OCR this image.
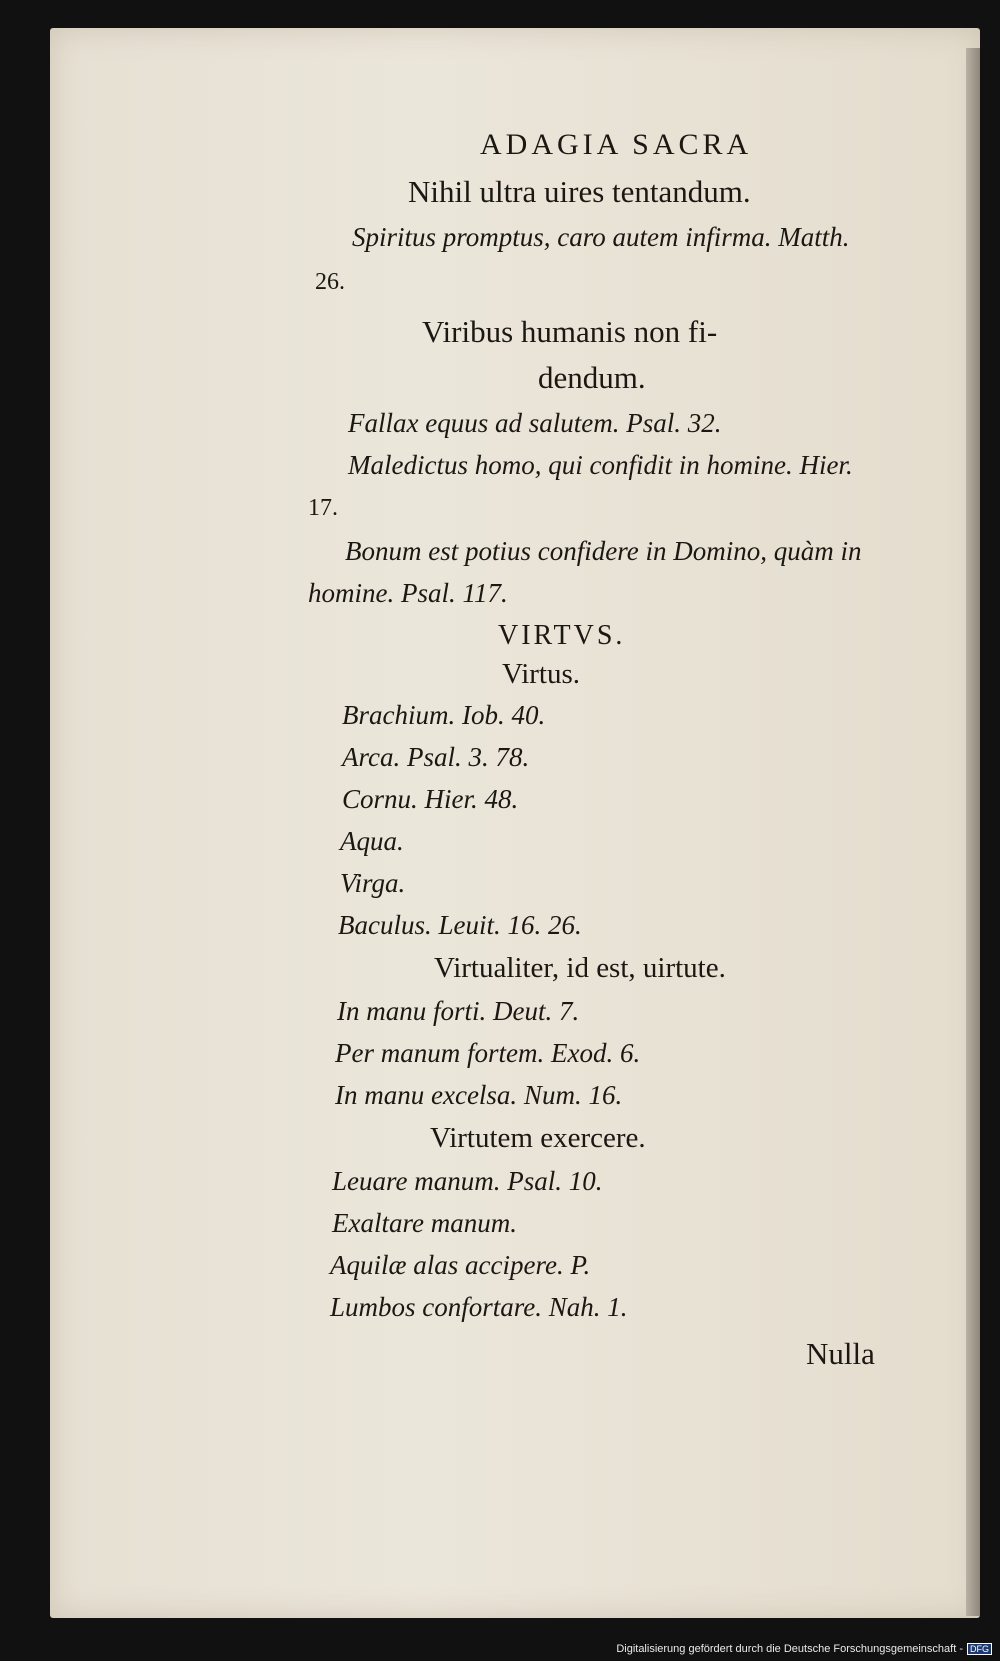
ADAGIA SACRA
Nihil ultra uires tentandum.
Spiritus promptus, caro autem infirma. Matth.
26.
Viribus humanis non fi-
dendum.
Fallax equus ad salutem. Psal. 32.
Maledictus homo, qui confidit in homine. Hier.
17.
Bonum est potius confidere in Domino, quàm in
homine. Psal. 117.
VIRTVS.
Virtus.
Brachium. Iob. 40.
Arca. Psal. 3. 78.
Cornu. Hier. 48.
Aqua.
Virga.
Baculus. Leuit. 16. 26.
Virtualiter, id est, uirtute.
In manu forti. Deut. 7.
Per manum fortem. Exod. 6.
In manu excelsa. Num. 16.
Virtutem exercere.
Leuare manum. Psal. 10.
Exaltare manum.
Aquilæ alas accipere. P.
Lumbos confortare. Nah. 1.
Nulla
Digitalisierung gefördert durch die Deutsche Forschungsgemeinschaft - DFG
